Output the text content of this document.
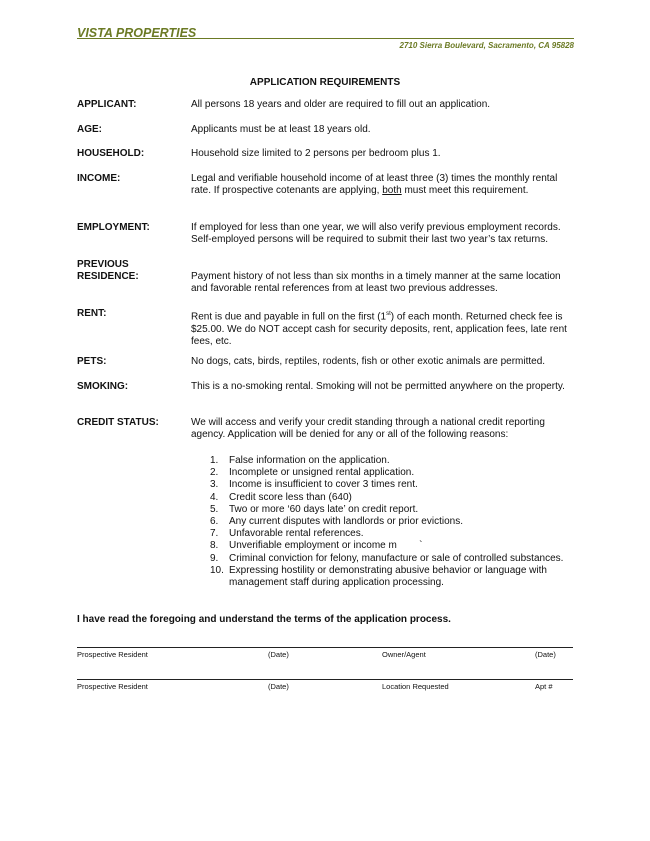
VISTA PROPERTIES
2710 Sierra Boulevard, Sacramento, CA 95828
APPLICATION REQUIREMENTS
APPLICANT:	All persons 18 years and older are required to fill out an application.
AGE:	Applicants must be at least 18 years old.
HOUSEHOLD:	Household size limited to 2 persons per bedroom plus 1.
INCOME:	Legal and verifiable household income of at least three (3) times the monthly rental rate. If prospective cotenants are applying, both must meet this requirement.
EMPLOYMENT:	If employed for less than one year, we will also verify previous employment records. Self-employed persons will be required to submit their last two year’s tax returns.
PREVIOUS
RESIDENCE:	Payment history of not less than six months in a timely manner at the same location and favorable rental references from at least two previous addresses.
RENT:	Rent is due and payable in full on the first (1st) of each month. Returned check fee is $25.00. We do NOT accept cash for security deposits, rent, application fees, late rent fees, etc.
PETS:	No dogs, cats, birds, reptiles, rodents, fish or other exotic animals are permitted.
SMOKING:	This is a no-smoking rental. Smoking will not be permitted anywhere on the property.
CREDIT STATUS:	We will access and verify your credit standing through a national credit reporting agency. Application will be denied for any or all of the following reasons:
1. False information on the application.
2. Incomplete or unsigned rental application.
3. Income is insufficient to cover 3 times rent.
4. Credit score less than (640)
5. Two or more ‘60 days late’ on credit report.
6. Any current disputes with landlords or prior evictions.
7. Unfavorable rental references.
8. Unverifiable employment or income m        `
9. Criminal conviction for felony, manufacture or sale of controlled substances.
10. Expressing hostility or demonstrating abusive behavior or language with management staff during application processing.
I have read the foregoing and understand the terms of the application process.
Prospective Resident	(Date)	Owner/Agent	(Date)
Prospective Resident	(Date)	Location Requested	Apt #
